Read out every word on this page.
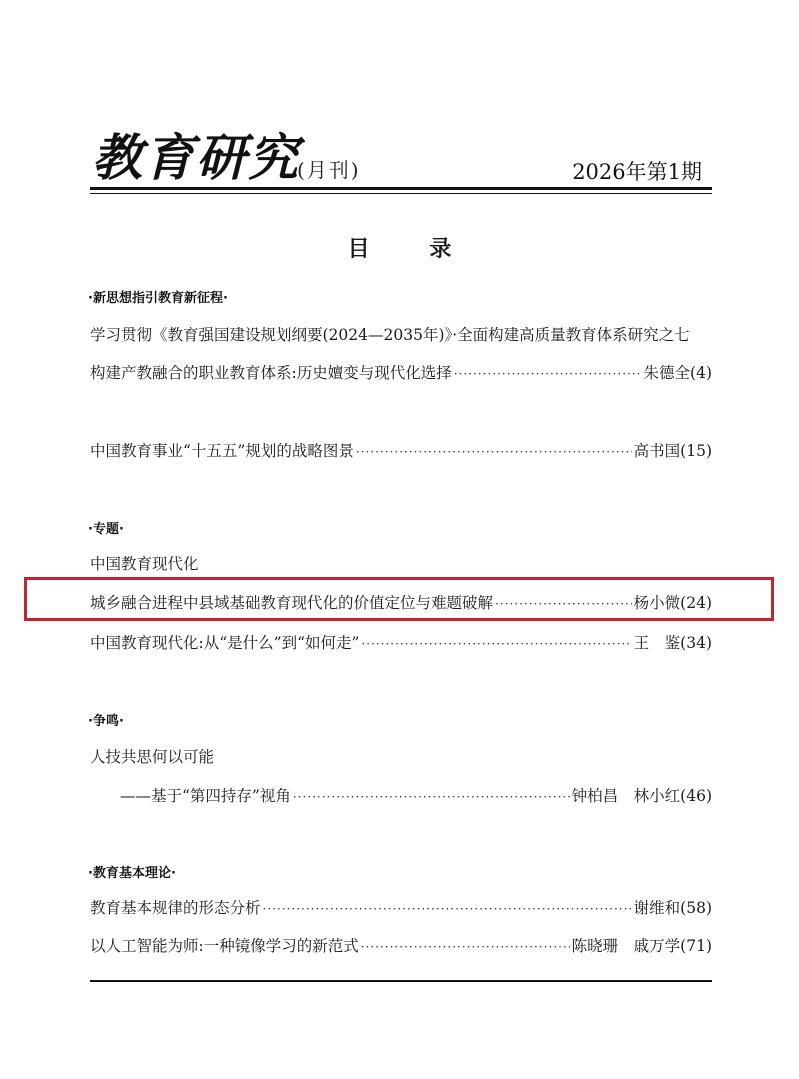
教育研究
(月刊)	2026年第1期
目 录
·新思想指引教育新征程·
学习贯彻《教育强国建设规划纲要(2024—2035年)》·全面构建高质量教育体系研究之七
构建产教融合的职业教育体系:历史嬗变与现代化选择 ·····	朱德全 (4)
中国教育事业“十五五”规划的战略图景 ·····	高书国 (15)
·专题·
中国教育现代化
城乡融合进程中县域基础教育现代化的价值定位与难题破解 ·····	杨小微 (24)
中国教育现代化:从“是什么”到“如何走” ·····	王　鉴 (34)
·争鸣·
人技共思何以可能
——基于“第四持存”视角 ·····	钟柏昌　林小红 (46)
·教育基本理论·
教育基本规律的形态分析 ·····	谢维和 (58)
以人工智能为师:一种镜像学习的新范式 ·····	陈晓珊　戚万学 (71)
